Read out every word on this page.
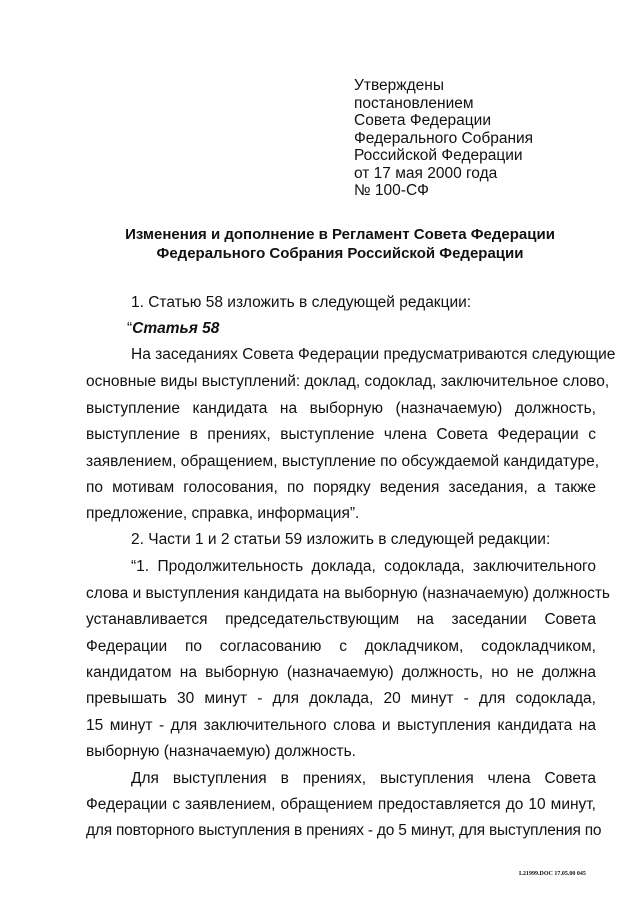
Утверждены
постановлением
Совета Федерации
Федерального Собрания
Российской Федерации
от 17 мая 2000 года
№ 100-СФ
Изменения и дополнение в Регламент Совета Федерации
Федерального Собрания Российской Федерации
1. Статью 58 изложить в следующей редакции:
“Статья 58
На заседаниях Совета Федерации предусматриваются следующие
основные виды выступлений: доклад, содоклад, заключительное слово,
выступление кандидата на выборную (назначаемую) должность,
выступление в прениях, выступление члена Совета Федерации с
заявлением, обращением, выступление по обсуждаемой кандидатуре,
по мотивам голосования, по порядку ведения заседания, а также
предложение, справка, информация”.
2. Части 1 и 2 статьи 59 изложить в следующей редакции:
“1. Продолжительность доклада, содоклада, заключительного
слова и выступления кандидата на выборную (назначаемую) должность
устанавливается председательствующим на заседании Совета
Федерации по согласованию с докладчиком, содокладчиком,
кандидатом на выборную (назначаемую) должность, но не должна
превышать 30 минут - для доклада, 20 минут - для содоклада,
15 минут - для заключительного слова и выступления кандидата на
выборную (назначаемую) должность.
Для выступления в прениях, выступления члена Совета
Федерации с заявлением, обращением предоставляется до 10 минут,
для повторного выступления в прениях - до 5 минут, для выступления по
L21999.DOC 17.05.00 045
